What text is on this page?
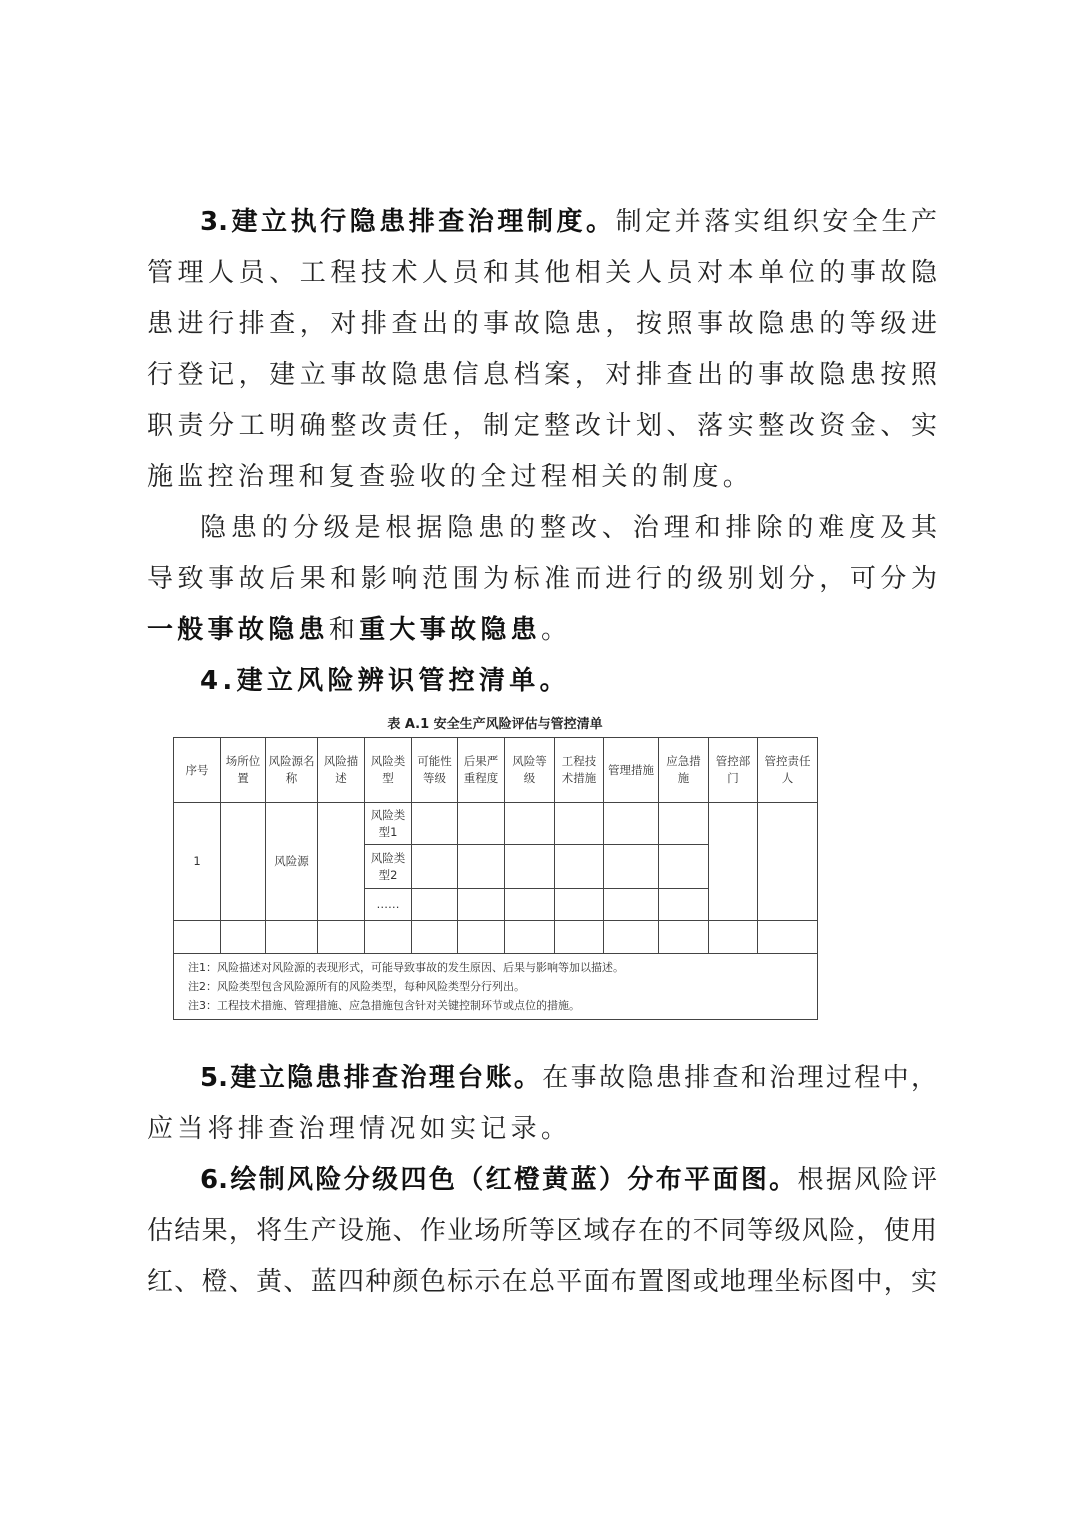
3.建立执行隐患排查治理制度。制定并落实组织安全生产
管理人员、工程技术人员和其他相关人员对本单位的事故隐
患进行排查，对排查出的事故隐患，按照事故隐患的等级进
行登记，建立事故隐患信息档案，对排查出的事故隐患按照
职责分工明确整改责任，制定整改计划、落实整改资金、实
施监控治理和复查验收的全过程相关的制度。
隐患的分级是根据隐患的整改、治理和排除的难度及其
导致事故后果和影响范围为标准而进行的级别划分，可分为
一般事故隐患和重大事故隐患。
4.建立风险辨识管控清单。
5.建立隐患排查治理台账。在事故隐患排查和治理过程中，
应当将排查治理情况如实记录。
6.绘制风险分级四色（红橙黄蓝）分布平面图。根据风险评
估结果，将生产设施、作业场所等区域存在的不同等级风险，使用
红、橙、黄、蓝四种颜色标示在总平面布置图或地理坐标图中，实
表 A.1 安全生产风险评估与管控清单
序号	场所位置	风险源名称	风险描述	风险类型	可能性等级	后果严重程度	风险等级	工程技术措施	管理措施	应急措施	管控部门	管控责任人
1		风险源		风险类型1								
				风险类型2								
				……								

注1：风险描述对风险源的表现形式，可能导致事故的发生原因、后果与影响等加以描述。
注2：风险类型包含风险源所有的风险类型，每种风险类型分行列出。
注3：工程技术措施、管理措施、应急措施包含针对关键控制环节或点位的措施。												
